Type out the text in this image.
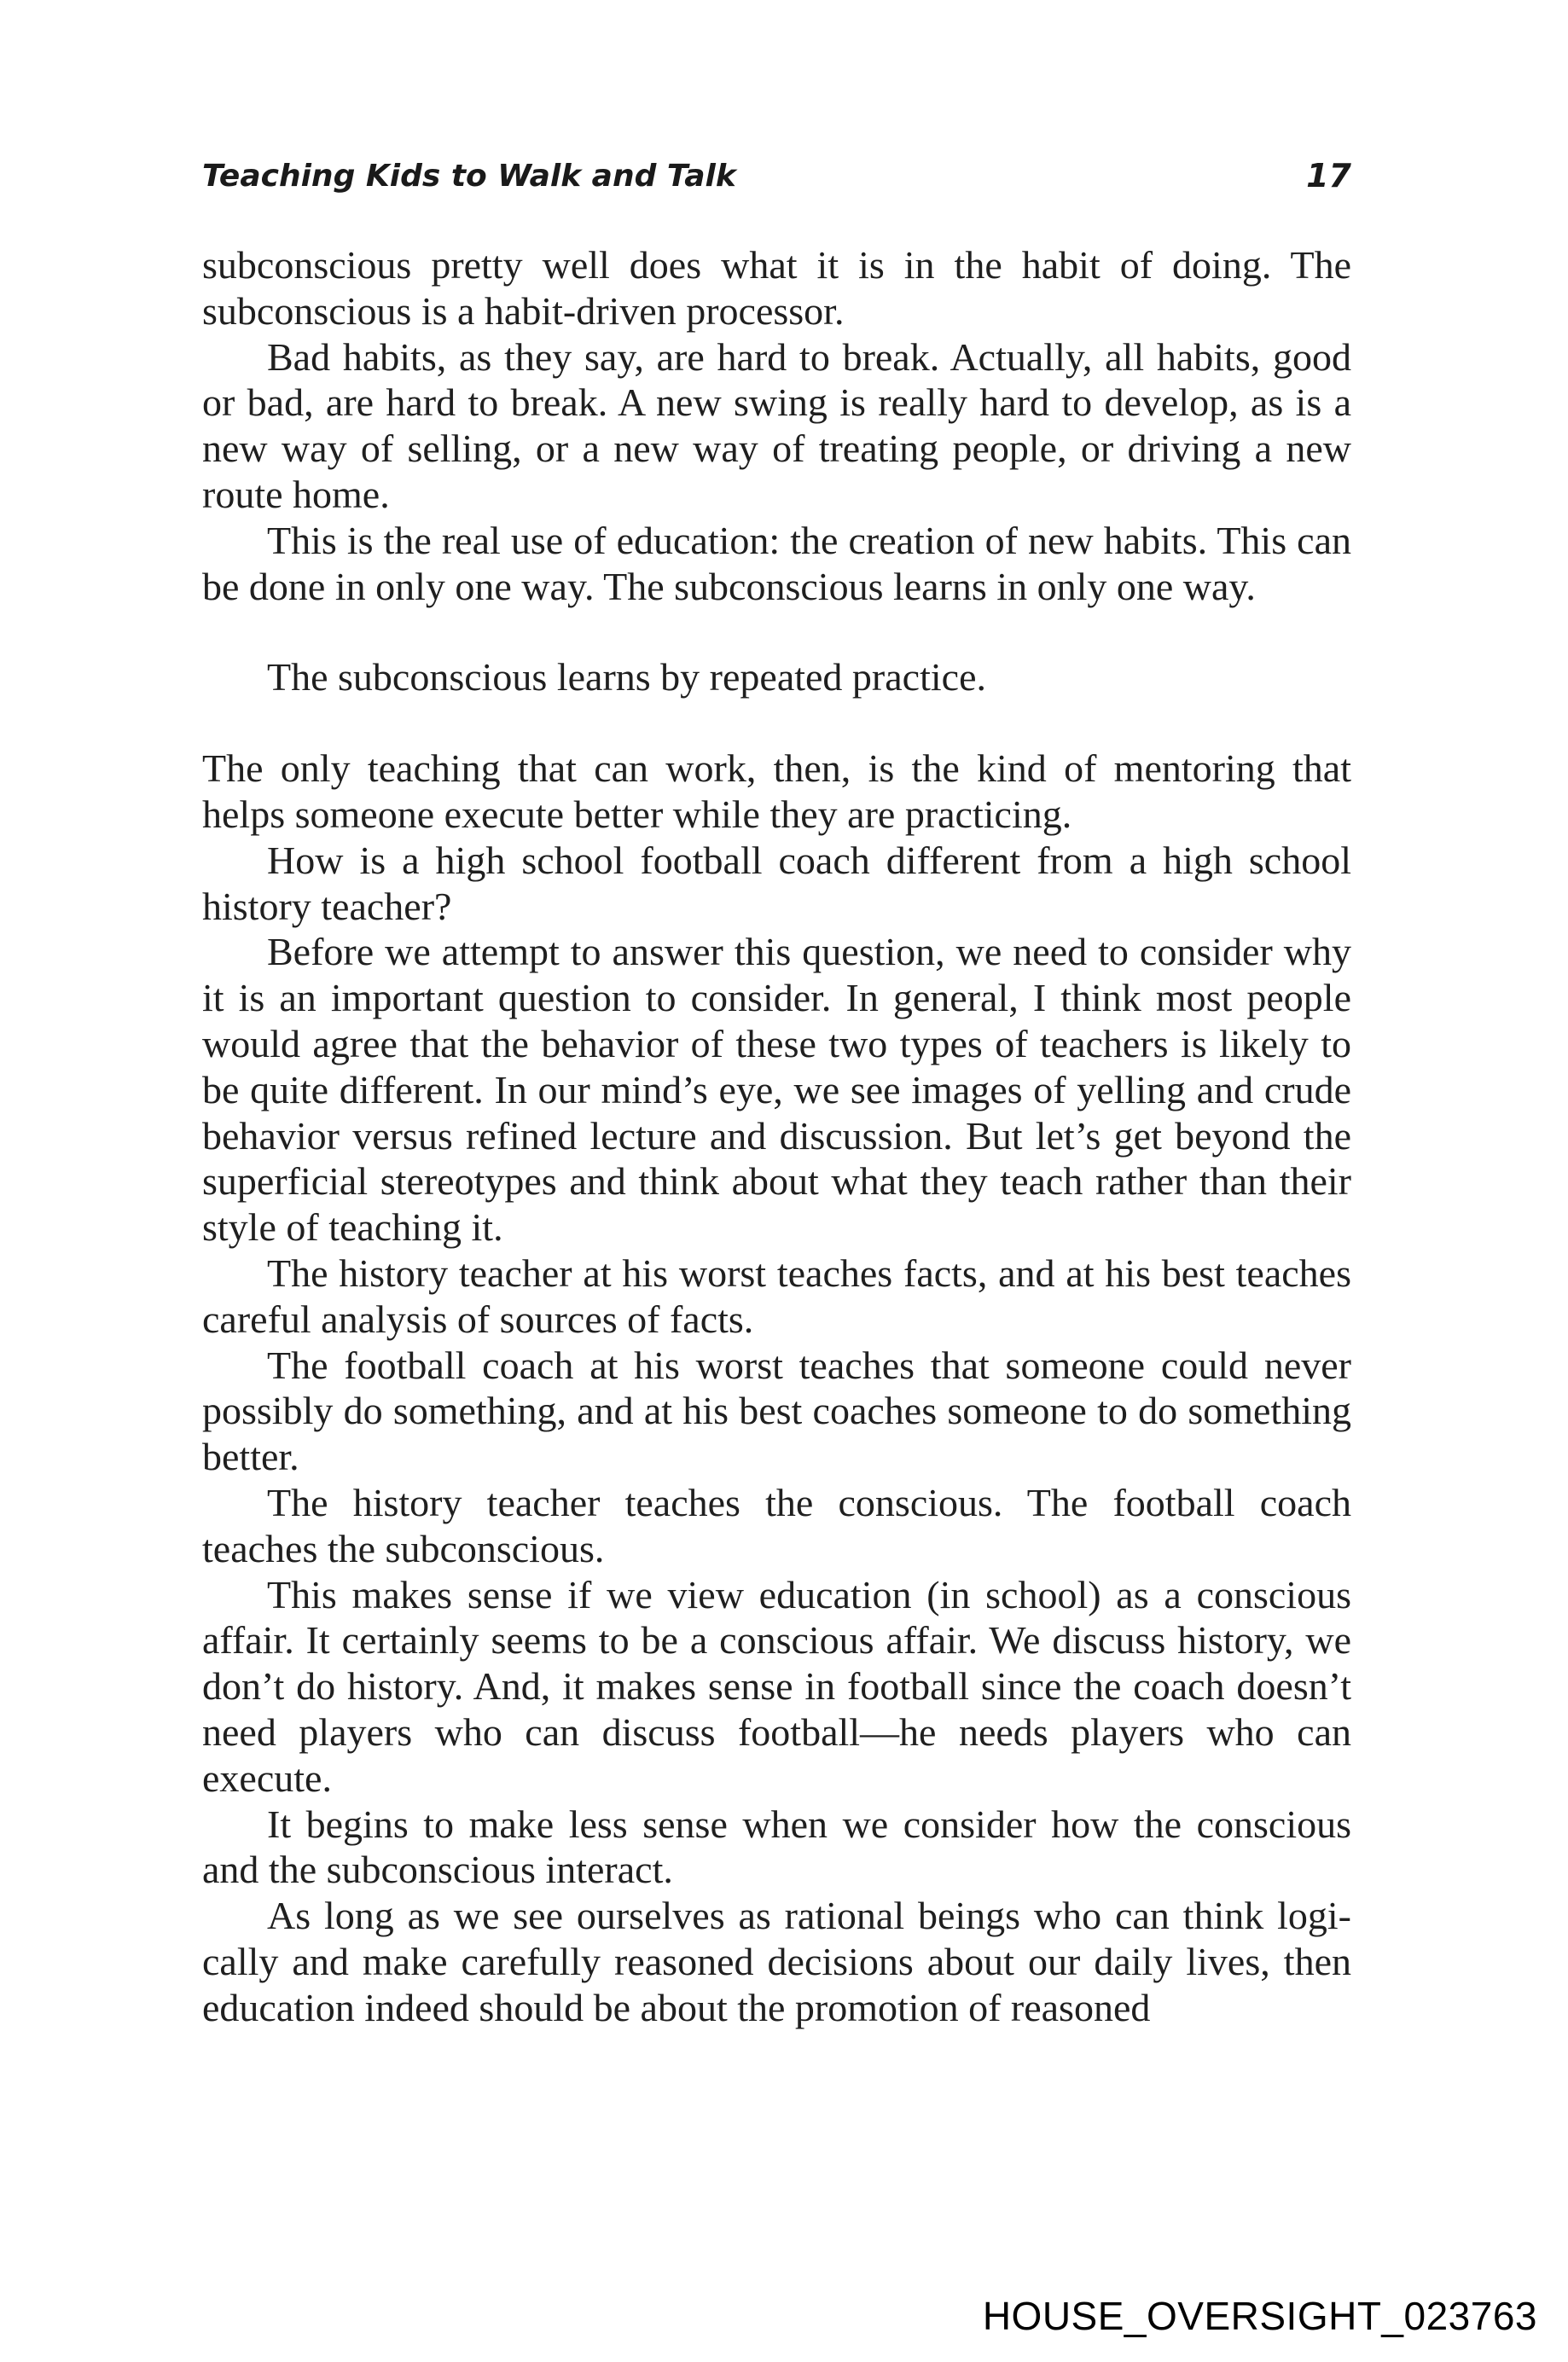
Teaching Kids to Walk and Talk	17

subconscious pretty well does what it is in the habit of doing. The subconscious is a habit-driven processor.

Bad habits, as they say, are hard to break. Actually, all habits, good or bad, are hard to break. A new swing is really hard to develop, as is a new way of selling, or a new way of treating people, or driving a new route home.

This is the real use of education: the creation of new habits. This can be done in only one way. The subconscious learns in only one way.

The subconscious learns by repeated practice.

The only teaching that can work, then, is the kind of mentoring that helps someone execute better while they are practicing.

How is a high school football coach different from a high school history teacher?

Before we attempt to answer this question, we need to consider why it is an important question to consider. In general, I think most people would agree that the behavior of these two types of teachers is likely to be quite different. In our mind’s eye, we see images of yelling and crude behavior versus refined lecture and discussion. But let’s get beyond the superficial stereotypes and think about what they teach rather than their style of teaching it.

The history teacher at his worst teaches facts, and at his best teaches careful analysis of sources of facts.

The football coach at his worst teaches that someone could never possibly do something, and at his best coaches someone to do something better.

The history teacher teaches the conscious. The football coach teaches the subconscious.

This makes sense if we view education (in school) as a conscious affair. It certainly seems to be a conscious affair. We discuss history, we don’t do history. And, it makes sense in football since the coach doesn’t need players who can discuss football—he needs players who can execute.

It begins to make less sense when we consider how the conscious and the subconscious interact.

As long as we see ourselves as rational beings who can think logically and make carefully reasoned decisions about our daily lives, then education indeed should be about the promotion of reasoned

HOUSE_OVERSIGHT_023763
